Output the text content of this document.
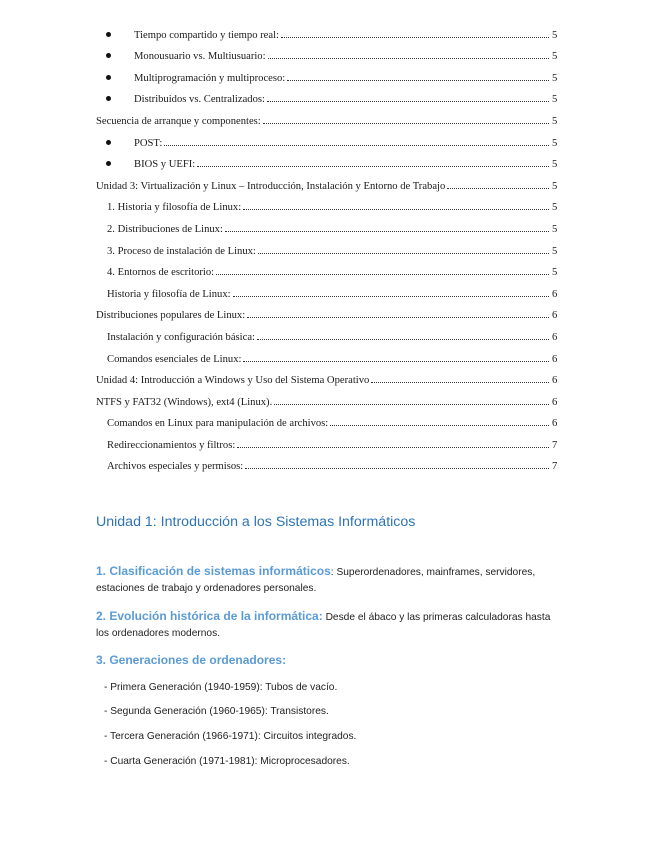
Tiempo compartido y tiempo real:	5
Monousuario vs. Multiusuario:	5
Multiprogramación y multiproceso:	5
Distribuidos vs. Centralizados:	5
Secuencia de arranque y componentes:	5
POST:	5
BIOS y UEFI:	5
Unidad 3: Virtualización y Linux – Introducción, Instalación y Entorno de Trabajo	5
1. Historia y filosofía de Linux:	5
2. Distribuciones de Linux:	5
3. Proceso de instalación de Linux:	5
4. Entornos de escritorio:	5
Historia y filosofía de Linux:	6
Distribuciones populares de Linux:	6
Instalación y configuración básica:	6
Comandos esenciales de Linux:	6
Unidad 4: Introducción a Windows y Uso del Sistema Operativo	6
NTFS y FAT32 (Windows), ext4 (Linux).	6
Comandos en Linux para manipulación de archivos:	6
Redireccionamientos y filtros:	7
Archivos especiales y permisos:	7
Unidad 1: Introducción a los Sistemas Informáticos
1. Clasificación de sistemas informáticos: Superordenadores, mainframes, servidores, estaciones de trabajo y ordenadores personales.
2. Evolución histórica de la informática: Desde el ábaco y las primeras calculadoras hasta los ordenadores modernos.
3. Generaciones de ordenadores:
- Primera Generación (1940-1959): Tubos de vacío.
- Segunda Generación (1960-1965): Transistores.
- Tercera Generación (1966-1971): Circuitos integrados.
- Cuarta Generación (1971-1981): Microprocesadores.
